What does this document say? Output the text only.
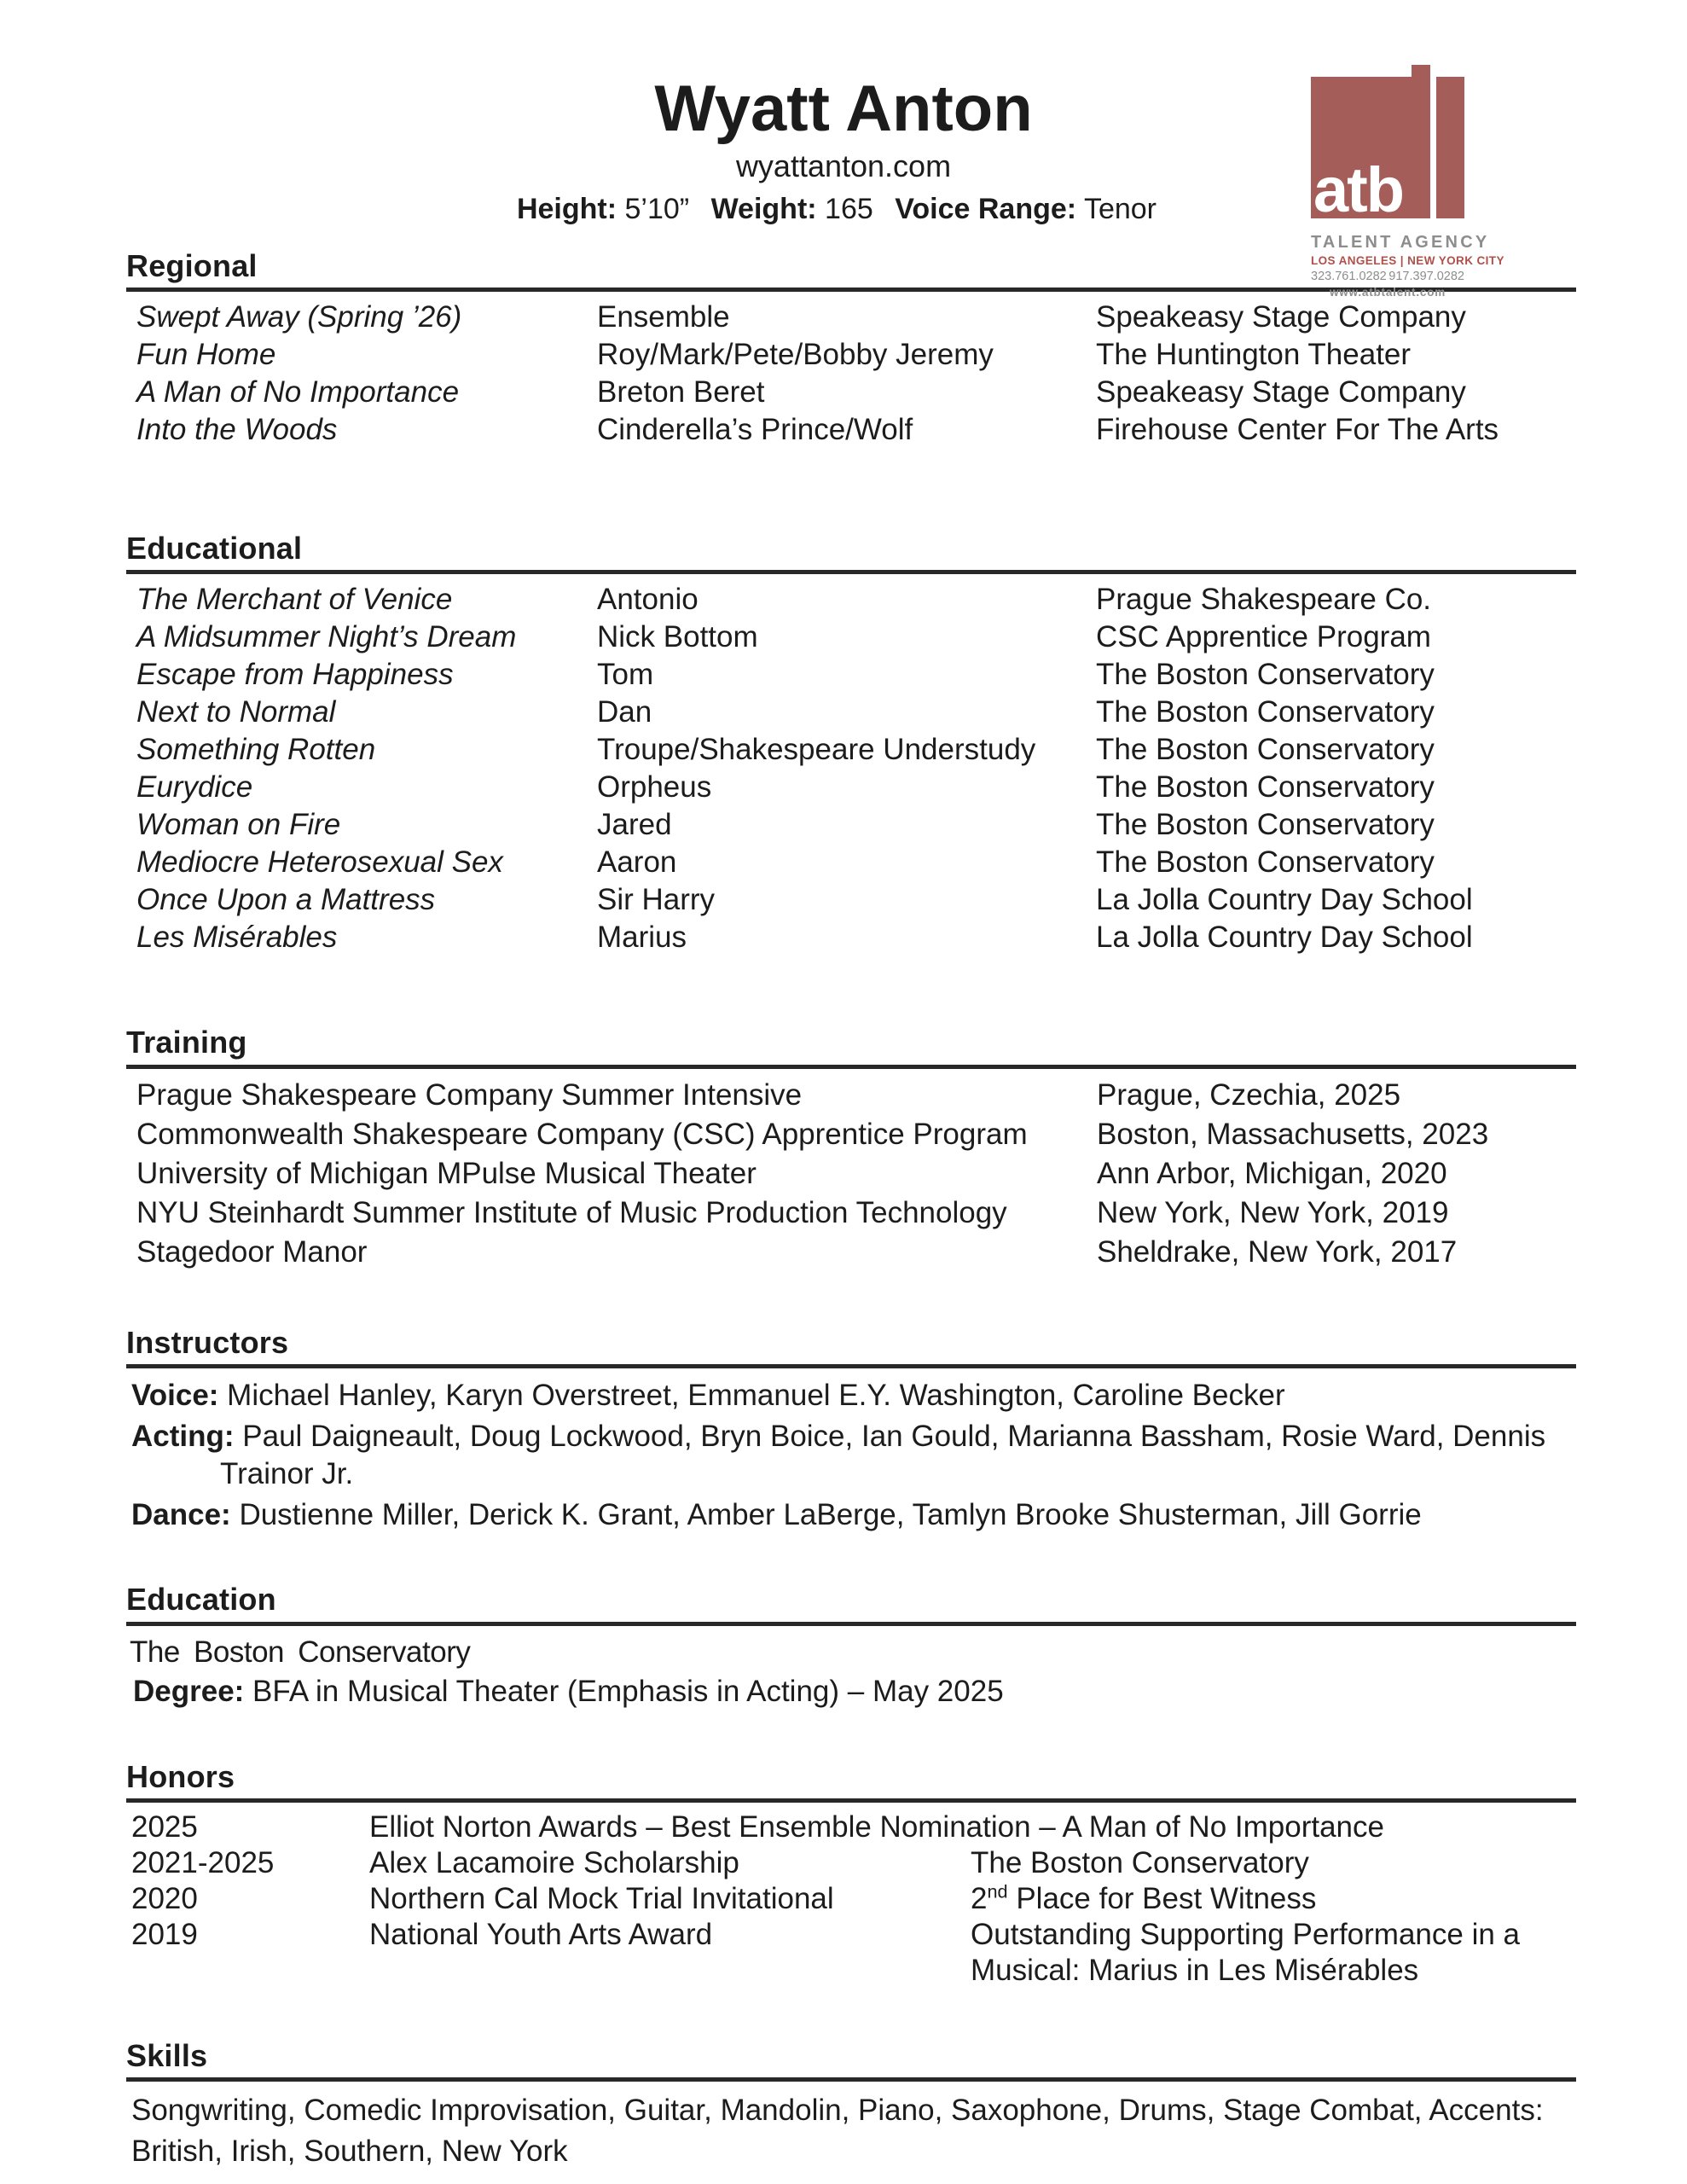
Wyatt Anton
wyattanton.com
Height: 5’10” Weight: 165 Voice Range: Tenor	atb
TALENT AGENCY
LOS ANGELES | NEW YORK CITY
323.761.0282 917.397.0282
www.atbtalent.com
Regional
Swept Away (Spring ’26)	Ensemble	Speakeasy Stage Company
Fun Home	Roy/Mark/Pete/Bobby Jeremy	The Huntington Theater
A Man of No Importance	Breton Beret	Speakeasy Stage Company
Into the Woods	Cinderella’s Prince/Wolf	Firehouse Center For The Arts
Educational
The Merchant of Venice	Antonio	Prague Shakespeare Co.
A Midsummer Night’s Dream	Nick Bottom	CSC Apprentice Program
Escape from Happiness	Tom	The Boston Conservatory
Next to Normal	Dan	The Boston Conservatory
Something Rotten	Troupe/Shakespeare Understudy	The Boston Conservatory
Eurydice	Orpheus	The Boston Conservatory
Woman on Fire	Jared	The Boston Conservatory
Mediocre Heterosexual Sex	Aaron	The Boston Conservatory
Once Upon a Mattress	Sir Harry	La Jolla Country Day School
Les Misérables	Marius	La Jolla Country Day School
Training
Prague Shakespeare Company Summer Intensive	Prague, Czechia, 2025
Commonwealth Shakespeare Company (CSC) Apprentice Program	Boston, Massachusetts, 2023
University of Michigan MPulse Musical Theater	Ann Arbor, Michigan, 2020
NYU Steinhardt Summer Institute of Music Production Technology	New York, New York, 2019
Stagedoor Manor	Sheldrake, New York, 2017
Instructors

Voice: Michael Hanley, Karyn Overstreet, Emmanuel E.Y. Washington, Caroline Becker

Acting: Paul Daigneault, Doug Lockwood, Bryn Boice, Ian Gould, Marianna Bassham, Rosie Ward, Dennis Trainor Jr.

Dance: Dustienne Miller, Derick K. Grant, Amber LaBerge, Tamlyn Brooke Shusterman, Jill Gorrie

Education
The Boston Conservatory
Degree: BFA in Musical Theater (Emphasis in Acting) – May 2025
Honors
2025	Elliot Norton Awards – Best Ensemble Nomination – A Man of No Importance
2021-2025	Alex Lacamoire Scholarship	The Boston Conservatory
2020	Northern Cal Mock Trial Invitational	2nd Place for Best Witness
2019	National Youth Arts Award	Outstanding Supporting Performance in a Musical: Marius in Les Misérables
Skills
Songwriting, Comedic Improvisation, Guitar, Mandolin, Piano, Saxophone, Drums, Stage Combat, Accents: British, Irish, Southern, New York
